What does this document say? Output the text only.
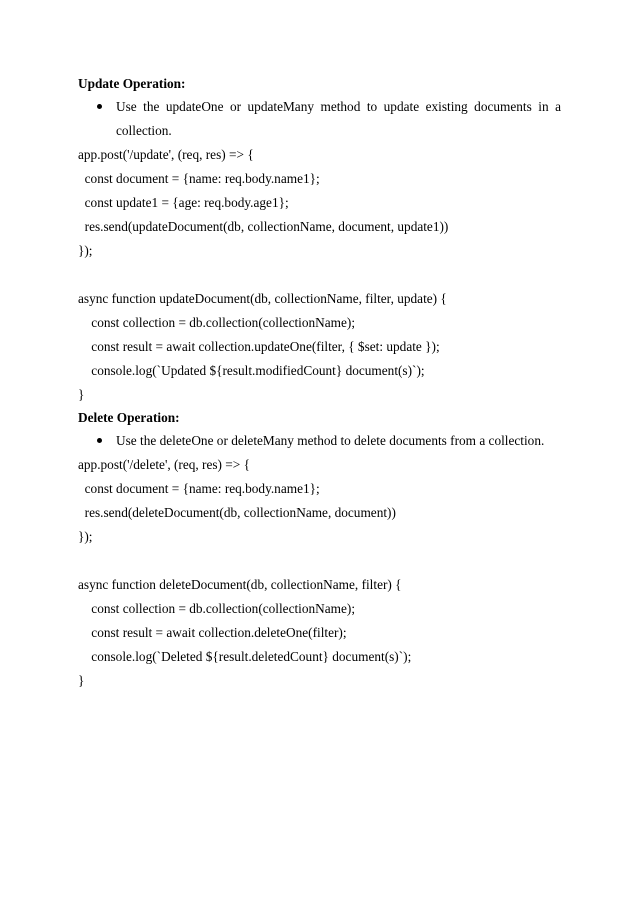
Update Operation:
Use the updateOne or updateMany method to update existing documents in a
collection.
app.post('/update', (req, res) => {
const document = {name: req.body.name1};
const update1 = {age: req.body.age1};
res.send(updateDocument(db, collectionName, document, update1))
});
async function updateDocument(db, collectionName, filter, update) {
const collection = db.collection(collectionName);
const result = await collection.updateOne(filter, { $set: update });
console.log(`Updated ${result.modifiedCount} document(s)`);
}
Delete Operation:
Use the deleteOne or deleteMany method to delete documents from a collection.
app.post('/delete', (req, res) => {
const document = {name: req.body.name1};
res.send(deleteDocument(db, collectionName, document))
});
async function deleteDocument(db, collectionName, filter) {
const collection = db.collection(collectionName);
const result = await collection.deleteOne(filter);
console.log(`Deleted ${result.deletedCount} document(s)`);
}
